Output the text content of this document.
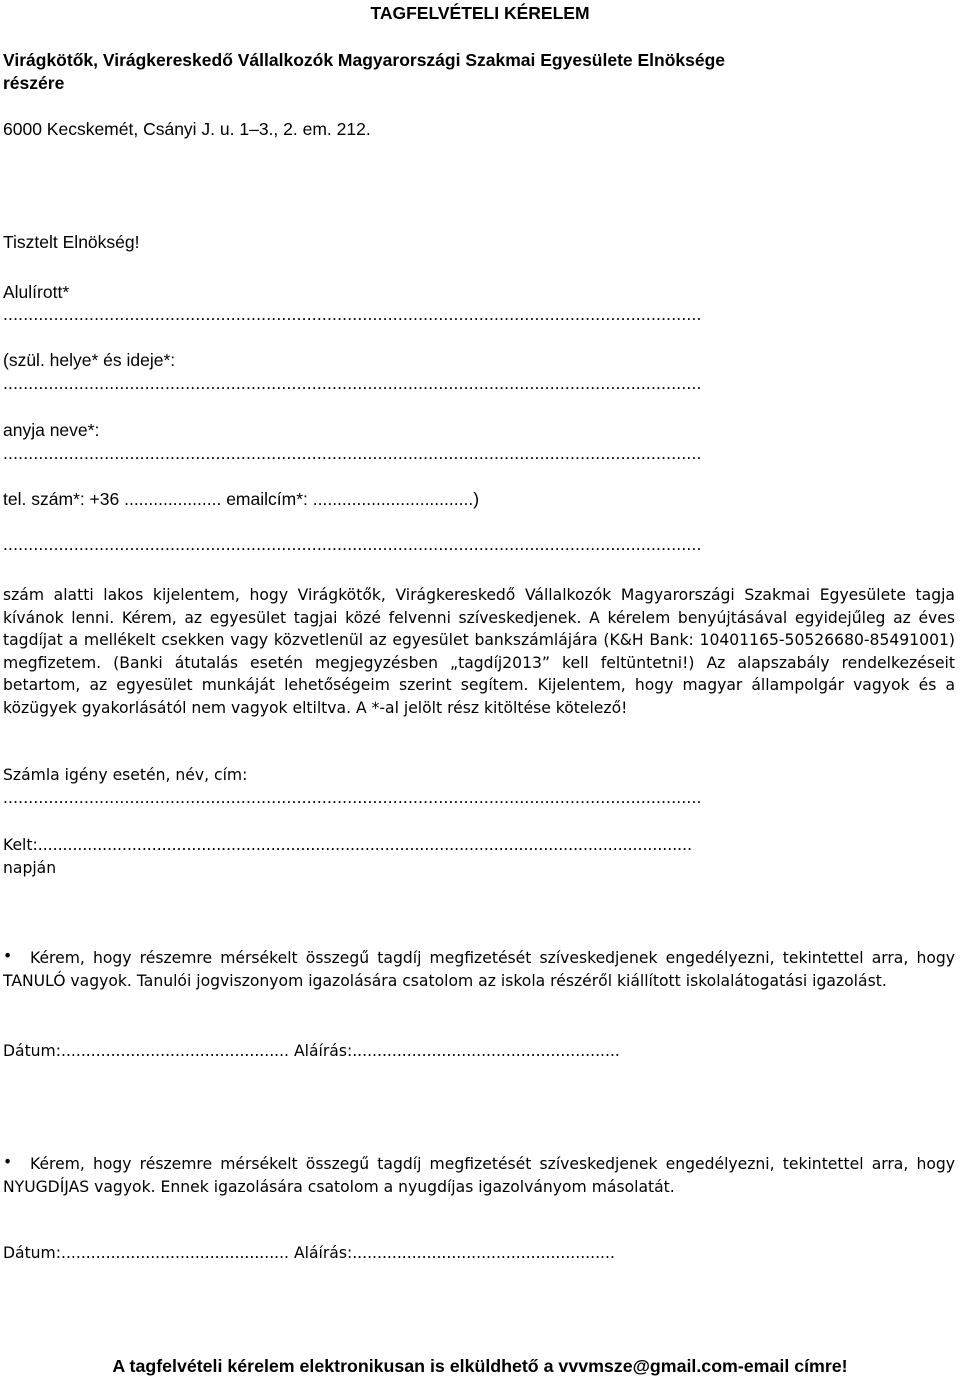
TAGFELVÉTELI KÉRELEM

Virágkötők, Virágkereskedő Vállalkozók Magyarországi Szakmai Egyesülete Elnöksége

részére

6000 Kecskemét, Csányi J. u. 1–3., 2. em. 212.

Tisztelt Elnökség!

Alulírott*

..........................................................................................................................................

(szül. helye* és ideje*:

..........................................................................................................................................

anyja neve*:

..........................................................................................................................................

tel. szám*: +36 .................... emailcím*: .................................)

..........................................................................................................................................

szám alatti lakos kijelentem, hogy Virágkötők, Virágkereskedő Vállalkozók Magyarországi Szakmai Egyesülete tagja kívánok lenni. Kérem, az egyesület tagjai közé felvenni szíveskedjenek. A kérelem benyújtásával egyidejűleg az éves tagdíjat a mellékelt csekken vagy közvetlenül az egyesület bankszámlájára (K&H Bank: 10401165-50526680-85491001) megfizetem. (Banki átutalás esetén megjegyzésben „tagdíj2013” kell feltüntetni!) Az alapszabály rendelkezéseit betartom, az egyesület munkáját lehetőségeim szerint segítem. Kijelentem, hogy magyar állampolgár vagyok és a közügyek gyakorlásától nem vagyok eltiltva. A *-al jelölt rész kitöltése kötelező!

Számla igény esetén, név, cím:

..........................................................................................................................................

Kelt:....................................................................................................................................

napján

•	Kérem, hogy részemre mérsékelt összegű tagdíj megfizetését szíveskedjenek engedélyezni, tekintettel arra, hogy TANULÓ vagyok. Tanulói jogviszonyom igazolására csatolom az iskola részéről kiállított iskolalátogatási igazolást.

Dátum:.............................................. Aláírás:......................................................

•	Kérem, hogy részemre mérsékelt összegű tagdíj megfizetését szíveskedjenek engedélyezni, tekintettel arra, hogy NYUGDÍJAS vagyok. Ennek igazolására csatolom a nyugdíjas igazolványom másolatát.

Dátum:.............................................. Aláírás:.....................................................

A tagfelvételi kérelem elektronikusan is elküldhető a vvvmsze@gmail.com-email címre!
